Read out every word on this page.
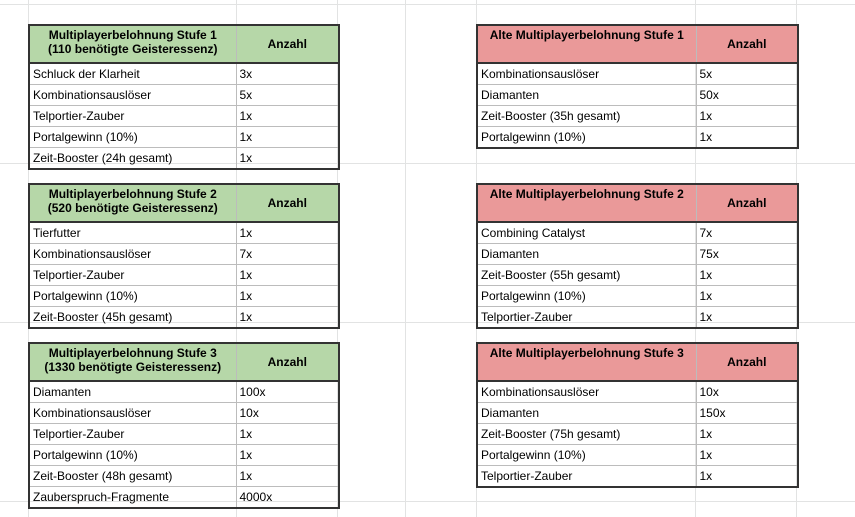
Multiplayerbelohnung Stufe 1
(110 benötigte Geisteressenz)	Anzahl
Schluck der Klarheit	3x
Kombinationsauslöser	5x
Telportier-Zauber	1x
Portalgewinn (10%)	1x
Zeit-Booster (24h gesamt)	1x
Multiplayerbelohnung Stufe 2
(520 benötigte Geisteressenz)	Anzahl
Tierfutter	1x
Kombinationsauslöser	7x
Telportier-Zauber	1x
Portalgewinn (10%)	1x
Zeit-Booster (45h gesamt)	1x
Multiplayerbelohnung Stufe 3
(1330 benötigte Geisteressenz)	Anzahl
Diamanten	100x
Kombinationsauslöser	10x
Telportier-Zauber	1x
Portalgewinn (10%)	1x
Zeit-Booster (48h gesamt)	1x
Zauberspruch-Fragmente	4000x
Alte Multiplayerbelohnung Stufe 1	Anzahl
Kombinationsauslöser	5x
Diamanten	50x
Zeit-Booster (35h gesamt)	1x
Portalgewinn (10%)	1x
Alte Multiplayerbelohnung Stufe 2	Anzahl
Combining Catalyst	7x
Diamanten	75x
Zeit-Booster (55h gesamt)	1x
Portalgewinn (10%)	1x
Telportier-Zauber	1x
Alte Multiplayerbelohnung Stufe 3	Anzahl
Kombinationsauslöser	10x
Diamanten	150x
Zeit-Booster (75h gesamt)	1x
Portalgewinn (10%)	1x
Telportier-Zauber	1x
